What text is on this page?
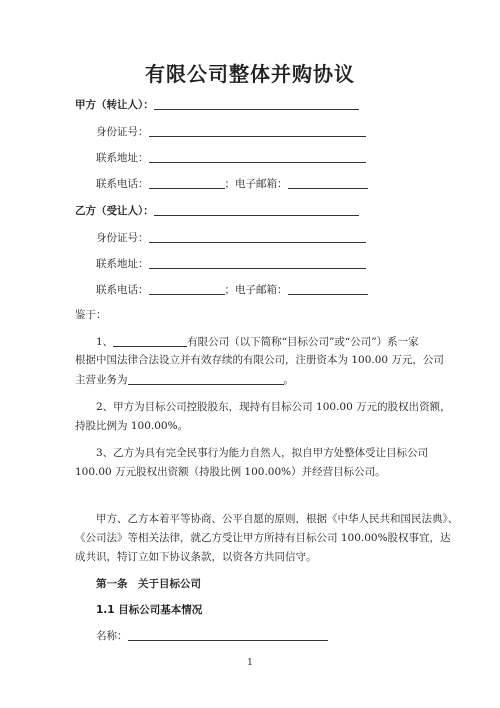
有限公司整体并购协议
甲方（转让人）：
身份证号：
联系地址：
联系电话：	；电子邮箱：
乙方（受让人）：
身份证号：
联系地址：
联系电话：	；电子邮箱：
鉴于：
1、	有限公司（以下简称“目标公司”或“公司”）系一家
根据中国法律合法设立并有效存续的有限公司，注册资本为 100.00 万元，公司
主营业务为	。
2、甲方为目标公司控股股东，现持有目标公司 100.00 万元的股权出资额，
持股比例为 100.00%。
3、乙方为具有完全民事行为能力自然人，拟自甲方处整体受让目标公司
100.00 万元股权出资额（持股比例 100.00%）并经营目标公司。
甲方、乙方本着平等协商、公平自愿的原则，根据《中华人民共和国民法典》、
《公司法》等相关法律，就乙方受让甲方所持有目标公司 100.00%股权事宜，达
成共识，特订立如下协议条款，以资各方共同信守。
第一条　关于目标公司
1.1 目标公司基本情况
名称：
1
